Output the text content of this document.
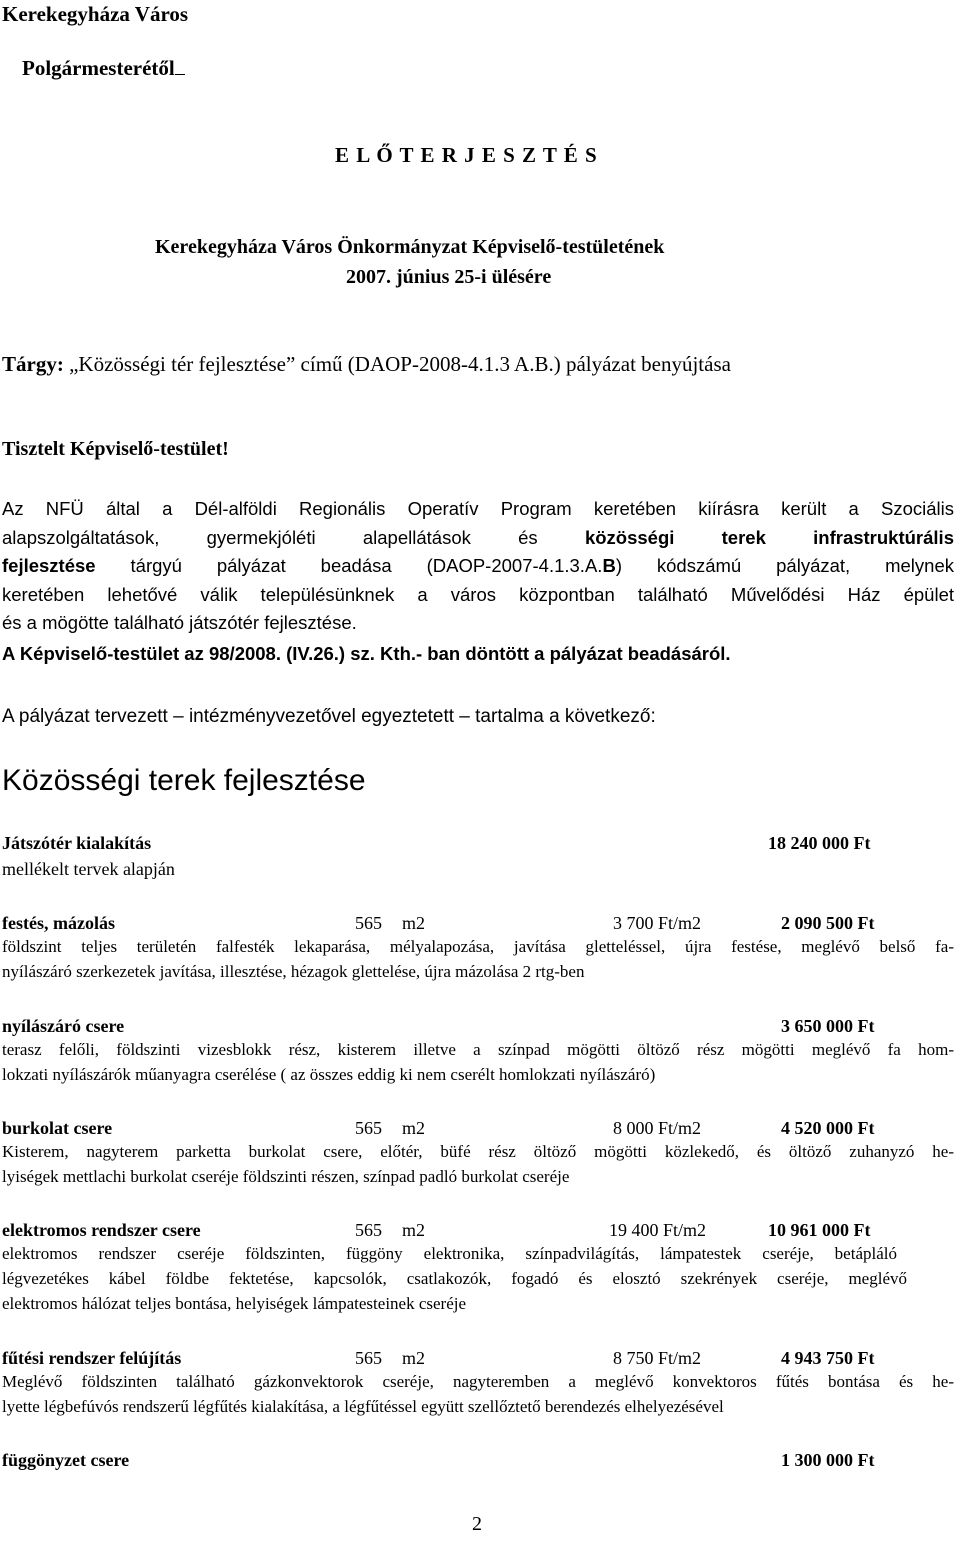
Kerekegyháza Város
Polgármesterétől
E L Ő T E R J E S Z T É S
Kerekegyháza Város Önkormányzat Képviselő-testületének
2007. június 25-i ülésére
Tárgy: „Közösségi tér fejlesztése” című (DAOP-2008-4.1.3 A.B.) pályázat benyújtása
Tisztelt Képviselő-testület!
Az NFÜ által a Dél-alföldi Regionális Operatív Program keretében kiírásra került a Szociális
alapszolgáltatások, gyermekjóléti alapellátások és közösségi terek infrastruktúrális
fejlesztése tárgyú pályázat beadása (DAOP-2007-4.1.3.A.B) kódszámú pályázat, melynek
keretében lehetővé válik településünknek a város központban található Művelődési Ház épület
és a mögötte található játszótér fejlesztése.
A Képviselő-testület az 98/2008. (IV.26.) sz. Kth.- ban döntött a pályázat beadásáról.
A pályázat tervezett – intézményvezetővel egyeztetett – tartalma a következő:
Közösségi terek fejlesztése
Játszótér kialakítás	18 240 000 Ft
mellékelt tervek alapján
festés, mázolás	565 m2	3 700 Ft/m2	2 090 500 Ft
földszint teljes területén falfesték lekaparása, mélyalapozása, javítása glettelé​ssel, újra festése, meglévő belső fa-
nyílászáró szerkezetek javítása, illesztése, hézagok glettelése, újra mázolása 2 rtg-ben
nyílászáró csere	3 650 000 Ft
terasz felőli, földszinti vizesblokk rész, kisterem illetve a színpad mögötti öltöző rész mögötti meglévő fa hom-
lokzati nyílászárók műanyagra cserélése ( az összes eddig ki nem cserélt homlokzati nyílászáró)
burkolat csere	565 m2	8 000 Ft/m2	4 520 000 Ft
Kisterem, nagyterem parketta burkolat csere, előtér, büfé rész öltöző mögötti közlekedő, és öltöző zuhanyzó he-
lyiségek mettlachi burkolat cseréje földszinti részen, színpad padló burkolat cseréje
elektromos rendszer csere	565 m2	19 400 Ft/m2	10 961 000 Ft
elektromos rendszer cseréje földszinten, függöny elektronika, színpadvilágítás, lámpatestek cseréje, betápláló
légvezetékes kábel földbe fektetése, kapcsolók, csatlakozók, fogadó és elosztó szekrények cseréje, meglévő
elektromos hálózat teljes bontása, helyiségek lámpatesteinek cseréje
fűtési rendszer felújítás	565 m2	8 750 Ft/m2	4 943 750 Ft
Meglévő földszinten található gázkonvektorok cseréje, nagyteremben a meglévő konvektoros fűtés bontása és he-
lyette légbefúvós rendszerű légfűtés kialakítása, a légfűtéssel együtt szellőztető berendezés elhelyezésével
függönyzet csere	1 300 000 Ft
2
